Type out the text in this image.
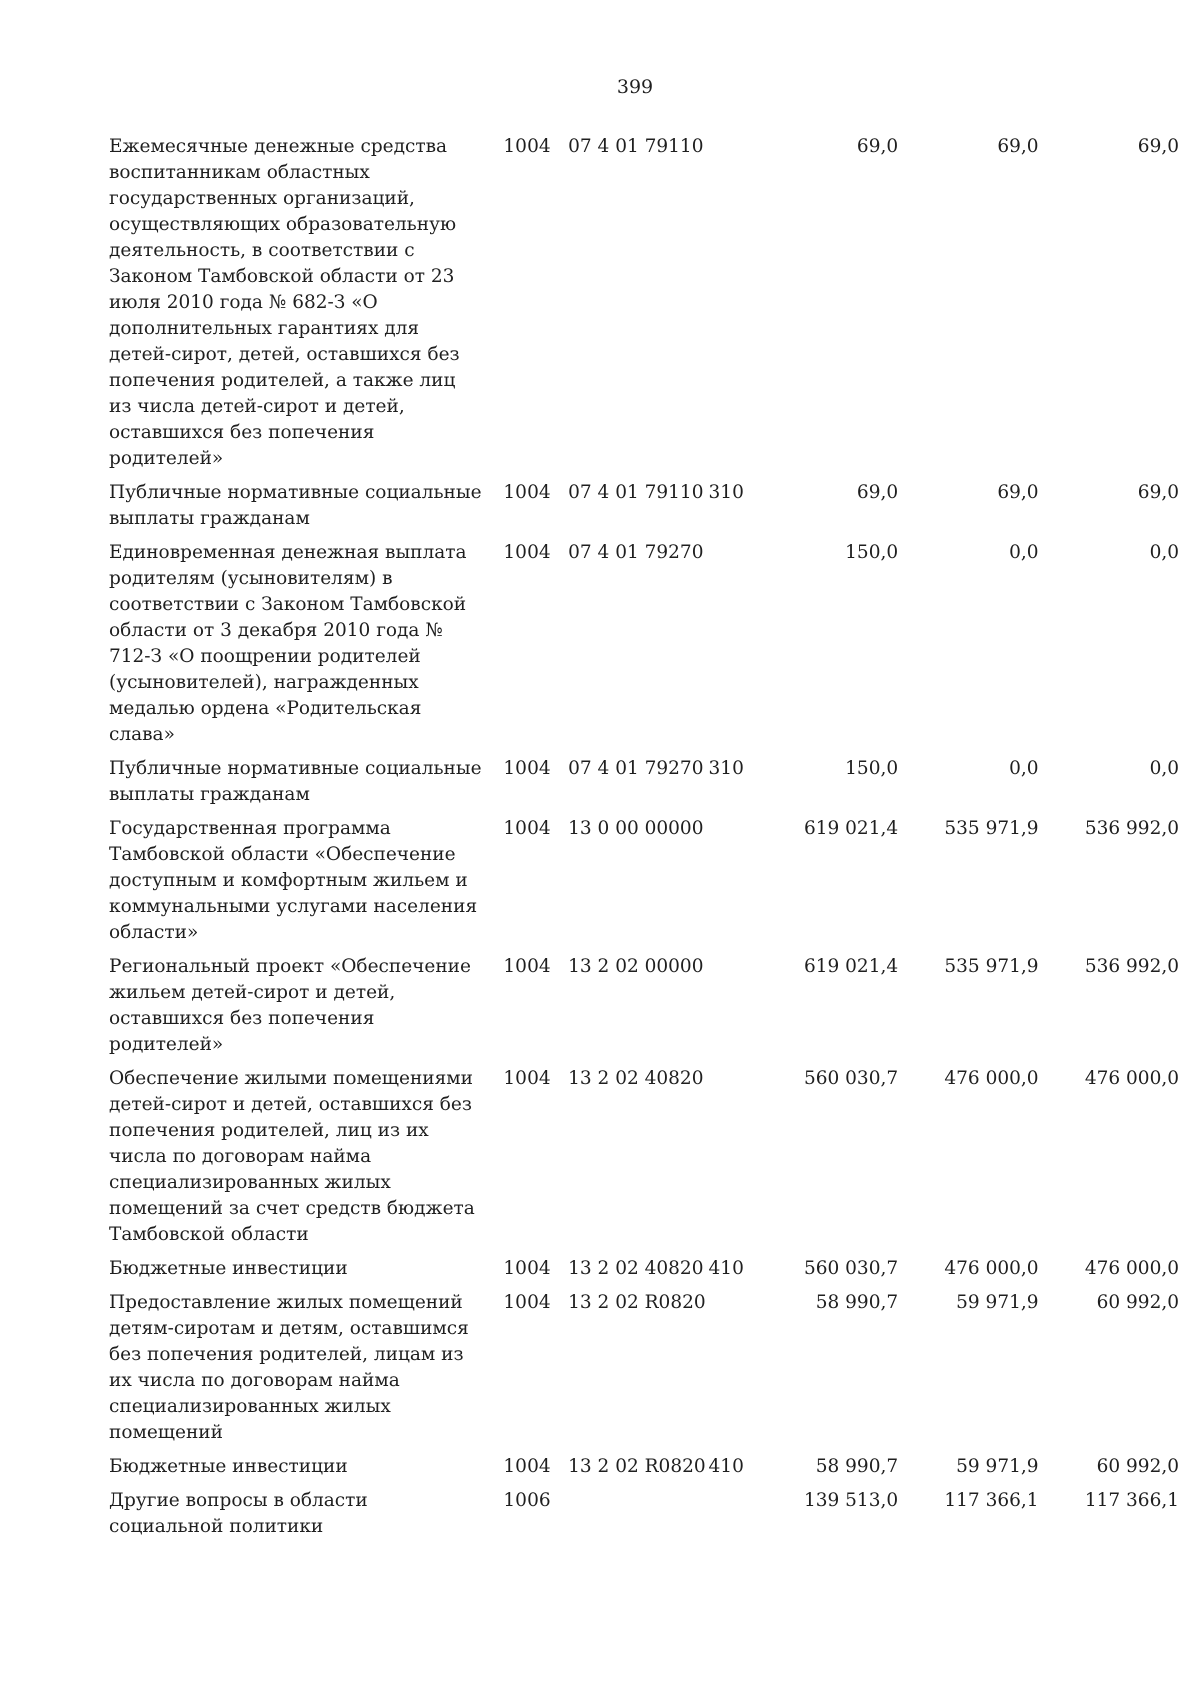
399
Ежемесячные денежные средства воспитанникам областных государственных организаций, осуществляющих образовательную деятельность, в соответствии с Законом Тамбовской области от 23 июля 2010 года № 682-З «О дополнительных гарантиях для детей-сирот, детей, оставшихся без попечения родителей, а также лиц из числа детей-сирот и детей, оставшихся без попечения родителей»	10	04	07 4 01 79110		69,0	69,0	69,0
Публичные нормативные социальные выплаты гражданам	10	04	07 4 01 79110	310	69,0	69,0	69,0
Единовременная денежная выплата родителям (усыновителям) в соответствии с Законом Тамбовской области от 3 декабря 2010 года № 712-З «О поощрении родителей (усыновителей), награжденных медалью ордена «Родительская слава»	10	04	07 4 01 79270		150,0	0,0	0,0
Публичные нормативные социальные выплаты гражданам	10	04	07 4 01 79270	310	150,0	0,0	0,0
Государственная программа Тамбовской области «Обеспечение доступным и комфортным жильем и коммунальными услугами населения области»	10	04	13 0 00 00000		619 021,4	535 971,9	536 992,0
Региональный проект «Обеспечение жильем детей-сирот и детей, оставшихся без попечения родителей»	10	04	13 2 02 00000		619 021,4	535 971,9	536 992,0
Обеспечение жилыми помещениями детей-сирот и детей, оставшихся без попечения родителей, лиц из их числа по договорам найма специализированных жилых помещений за счет средств бюджета Тамбовской области	10	04	13 2 02 40820		560 030,7	476 000,0	476 000,0
Бюджетные инвестиции	10	04	13 2 02 40820	410	560 030,7	476 000,0	476 000,0
Предоставление жилых помещений детям-сиротам и детям, оставшимся без попечения родителей, лицам из их числа по договорам найма специализированных жилых помещений	10	04	13 2 02 R0820		58 990,7	59 971,9	60 992,0
Бюджетные инвестиции	10	04	13 2 02 R0820	410	58 990,7	59 971,9	60 992,0
Другие вопросы в области социальной политики	10	06			139 513,0	117 366,1	117 366,1
